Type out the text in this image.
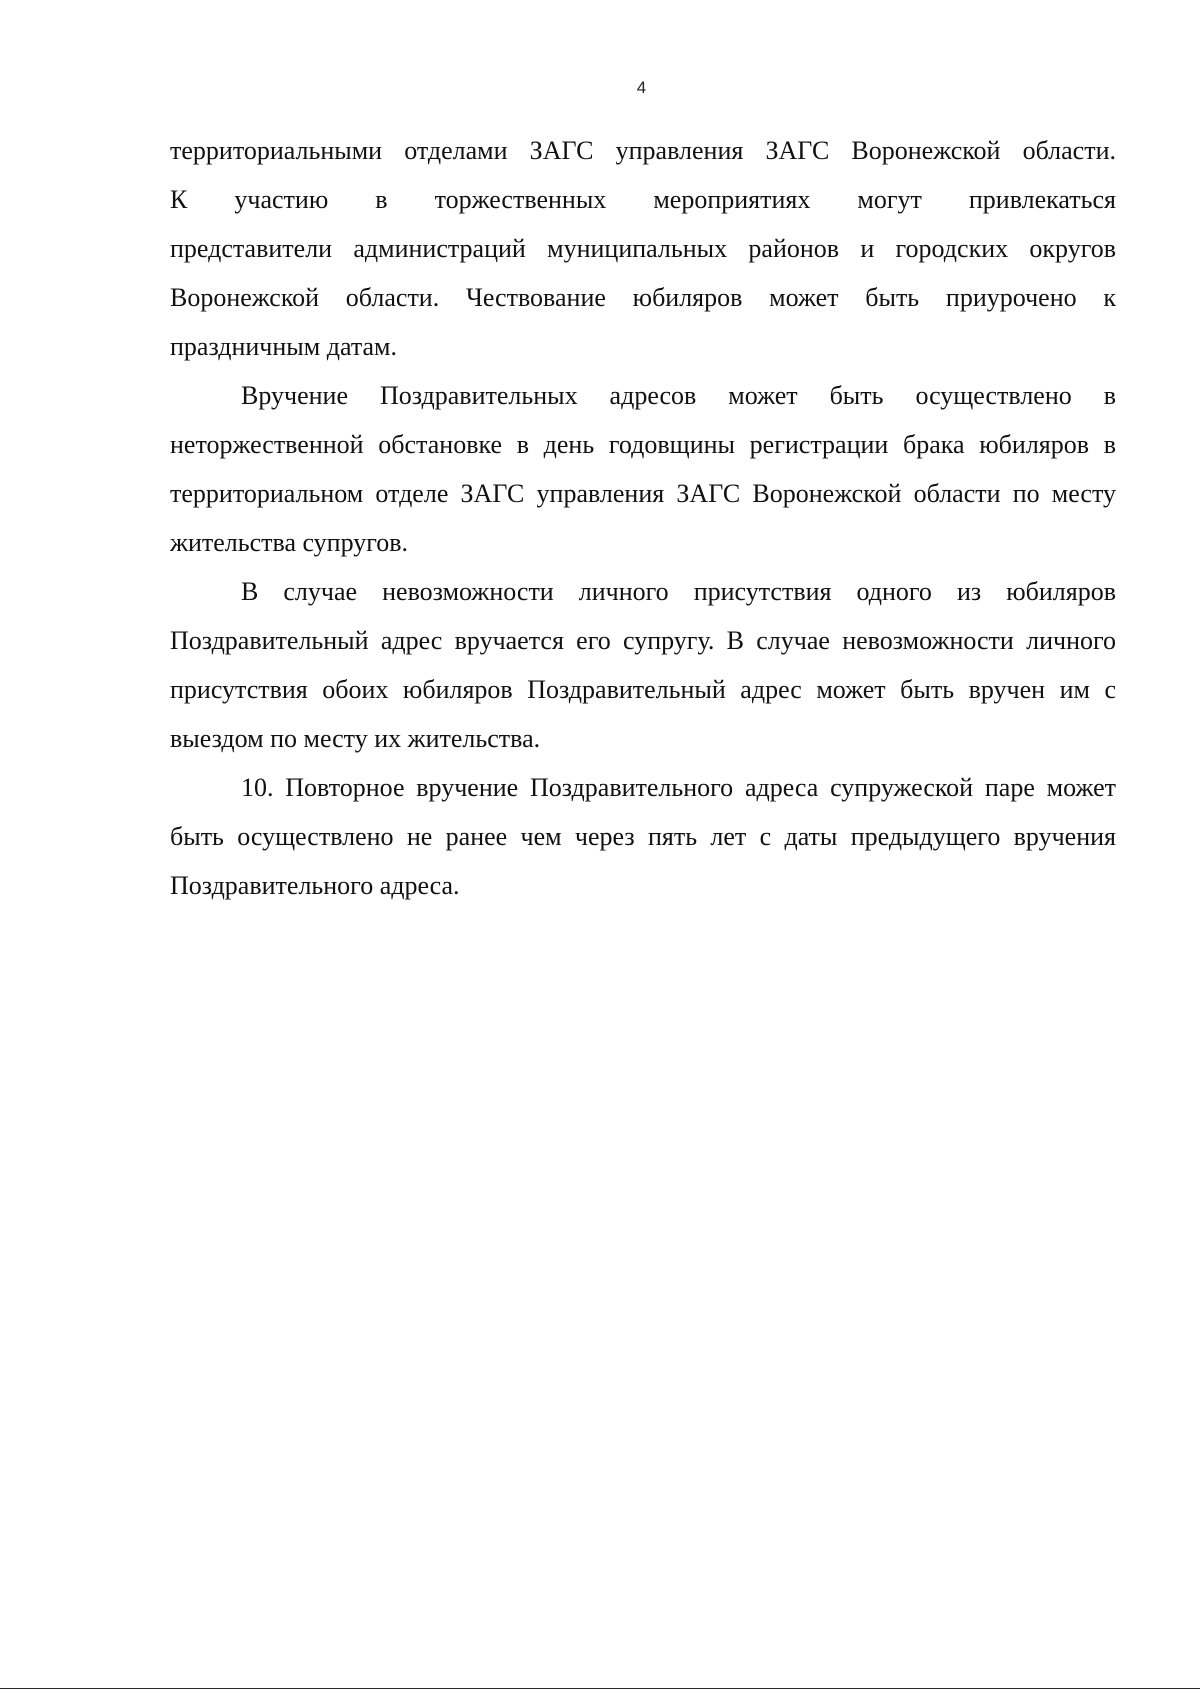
4

территориальными отделами ЗАГС управления ЗАГС Воронежской области.
К участию в торжественных мероприятиях могут привлекаться
представители администраций муниципальных районов и городских округов Воронежской области. Чествование юбиляров может быть приурочено к праздничным датам.

Вручение Поздравительных адресов может быть осуществлено в неторжественной обстановке в день годовщины регистрации брака юбиляров в территориальном отделе ЗАГС управления ЗАГС Воронежской области по месту жительства супругов.

В случае невозможности личного присутствия одного из юбиляров Поздравительный адрес вручается его супругу. В случае невозможности личного присутствия обоих юбиляров Поздравительный адрес может быть вручен им с выездом по месту их жительства.

10. Повторное вручение Поздравительного адреса супружеской паре может быть осуществлено не ранее чем через пять лет с даты предыдущего вручения Поздравительного адреса.
